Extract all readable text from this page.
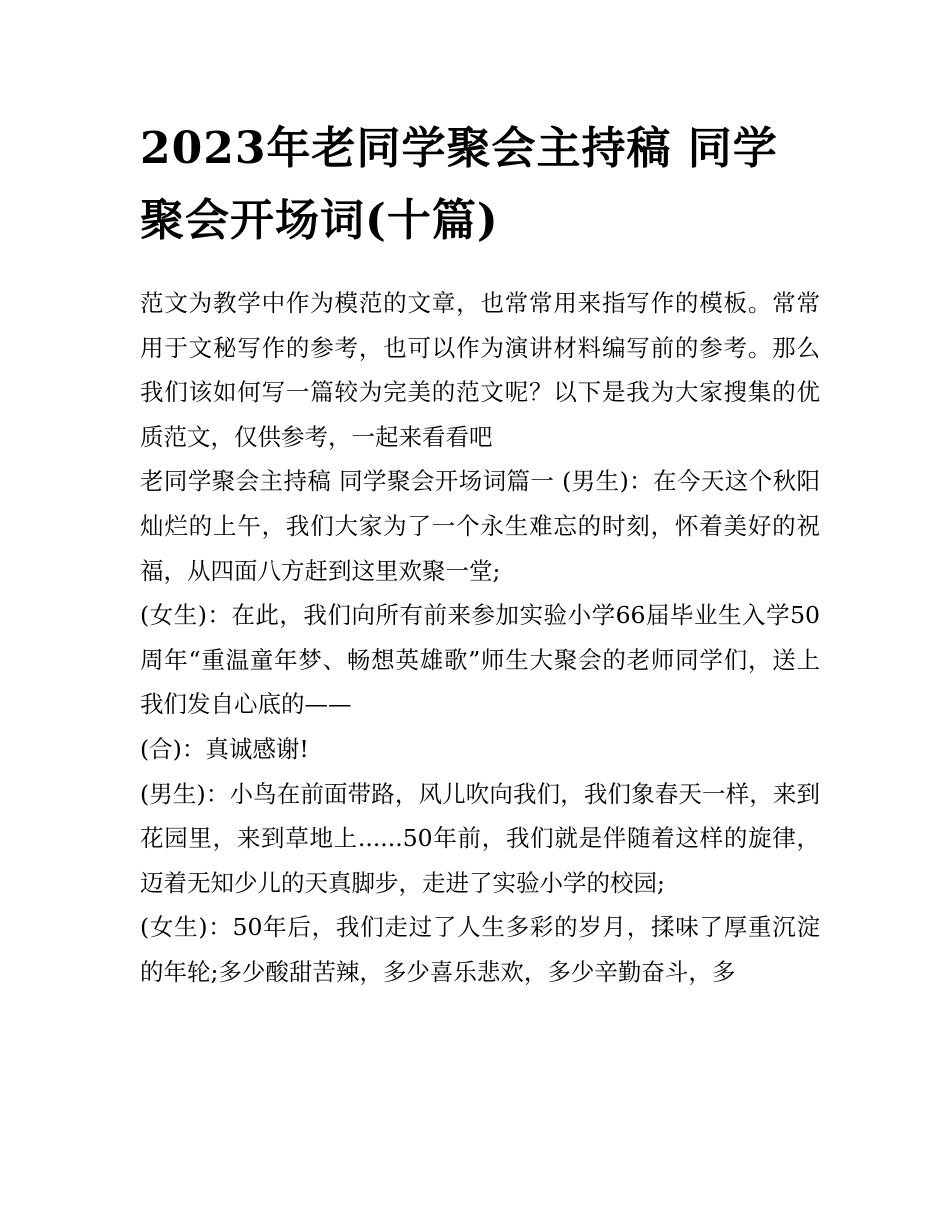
2023年老同学聚会主持稿 同学聚会开场词(十篇)

范文为教学中作为模范的文章，也常常用来指写作的模板。常常用于文秘写作的参考，也可以作为演讲材料编写前的参考。那么我们该如何写一篇较为完美的范文呢？以下是我为大家搜集的优质范文，仅供参考，一起来看看吧

老同学聚会主持稿 同学聚会开场词篇一 (男生)：在今天这个秋阳灿烂的上午，我们大家为了一个永生难忘的时刻，怀着美好的祝福，从四面八方赶到这里欢聚一堂;

(女生)：在此，我们向所有前来参加实验小学66届毕业生入学50周年“重温童年梦、畅想英雄歌”师生大聚会的老师同学们，送上我们发自心底的——

(合)：真诚感谢!

(男生)：小鸟在前面带路，风儿吹向我们，我们象春天一样，来到花园里，来到草地上......50年前，我们就是伴随着这样的旋律，迈着无知少儿的天真脚步，走进了实验小学的校园;

(女生)：50年后，我们走过了人生多彩的岁月，揉味了厚重沉淀的年轮;多少酸甜苦辣，多少喜乐悲欢，多少辛勤奋斗，多
